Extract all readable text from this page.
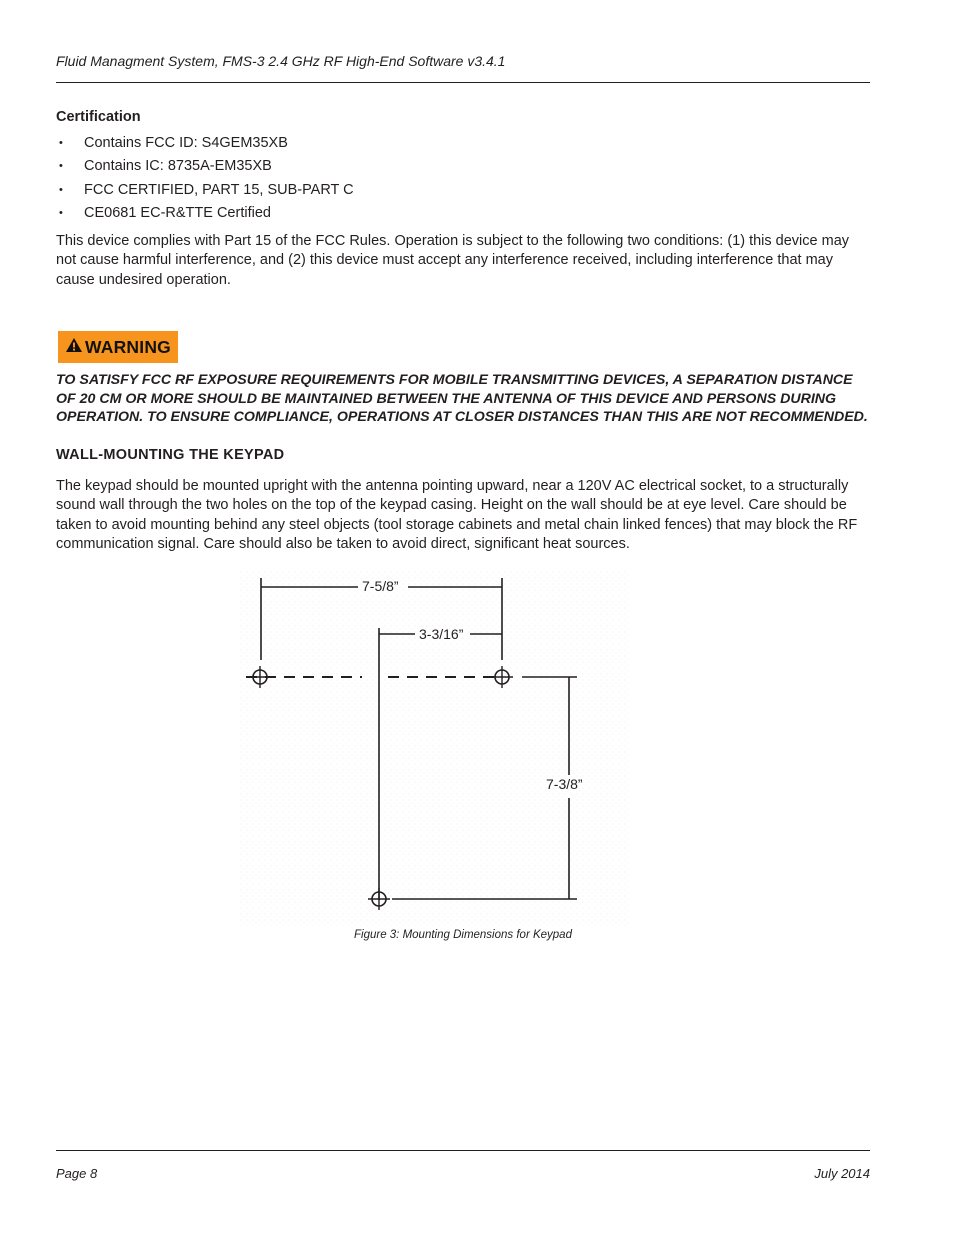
Fluid Managment System, FMS-3 2.4 GHz RF High-End Software v3.4.1
Certification
• Contains FCC ID: S4GEM35XB
• Contains IC: 8735A-EM35XB
• FCC CERTIFIED, PART 15, SUB-PART C
• CE0681 EC-R&TTE Certified

This device complies with Part 15 of the FCC Rules. Operation is subject to the following two conditions: (1) this device may not cause harmful interference, and (2) this device must accept any interference received, including interference that may cause undesired operation.

WARNING

TO SATISFY FCC RF EXPOSURE REQUIREMENTS FOR MOBILE TRANSMITTING DEVICES, A SEPARATION DISTANCE OF 20 CM OR MORE SHOULD BE MAINTAINED BETWEEN THE ANTENNA OF THIS DEVICE AND PERSONS DURING OPERATION. TO ENSURE COMPLIANCE, OPERATIONS AT CLOSER DISTANCES THAN THIS ARE NOT RECOMMENDED.

WALL-MOUNTING THE KEYPAD

The keypad should be mounted upright with the antenna pointing upward, near a 120V AC electrical socket, to a structurally sound wall through the two holes on the top of the keypad casing. Height on the wall should be at eye level. Care should be taken to avoid mounting behind any steel objects (tool storage cabinets and metal chain linked fences) that may block the RF communication signal. Care should also be taken to avoid direct, significant heat sources.

7-5/8”
3-3/16”
7-3/8”
Figure 3: Mounting Dimensions for Keypad
Page 8	July 2014
